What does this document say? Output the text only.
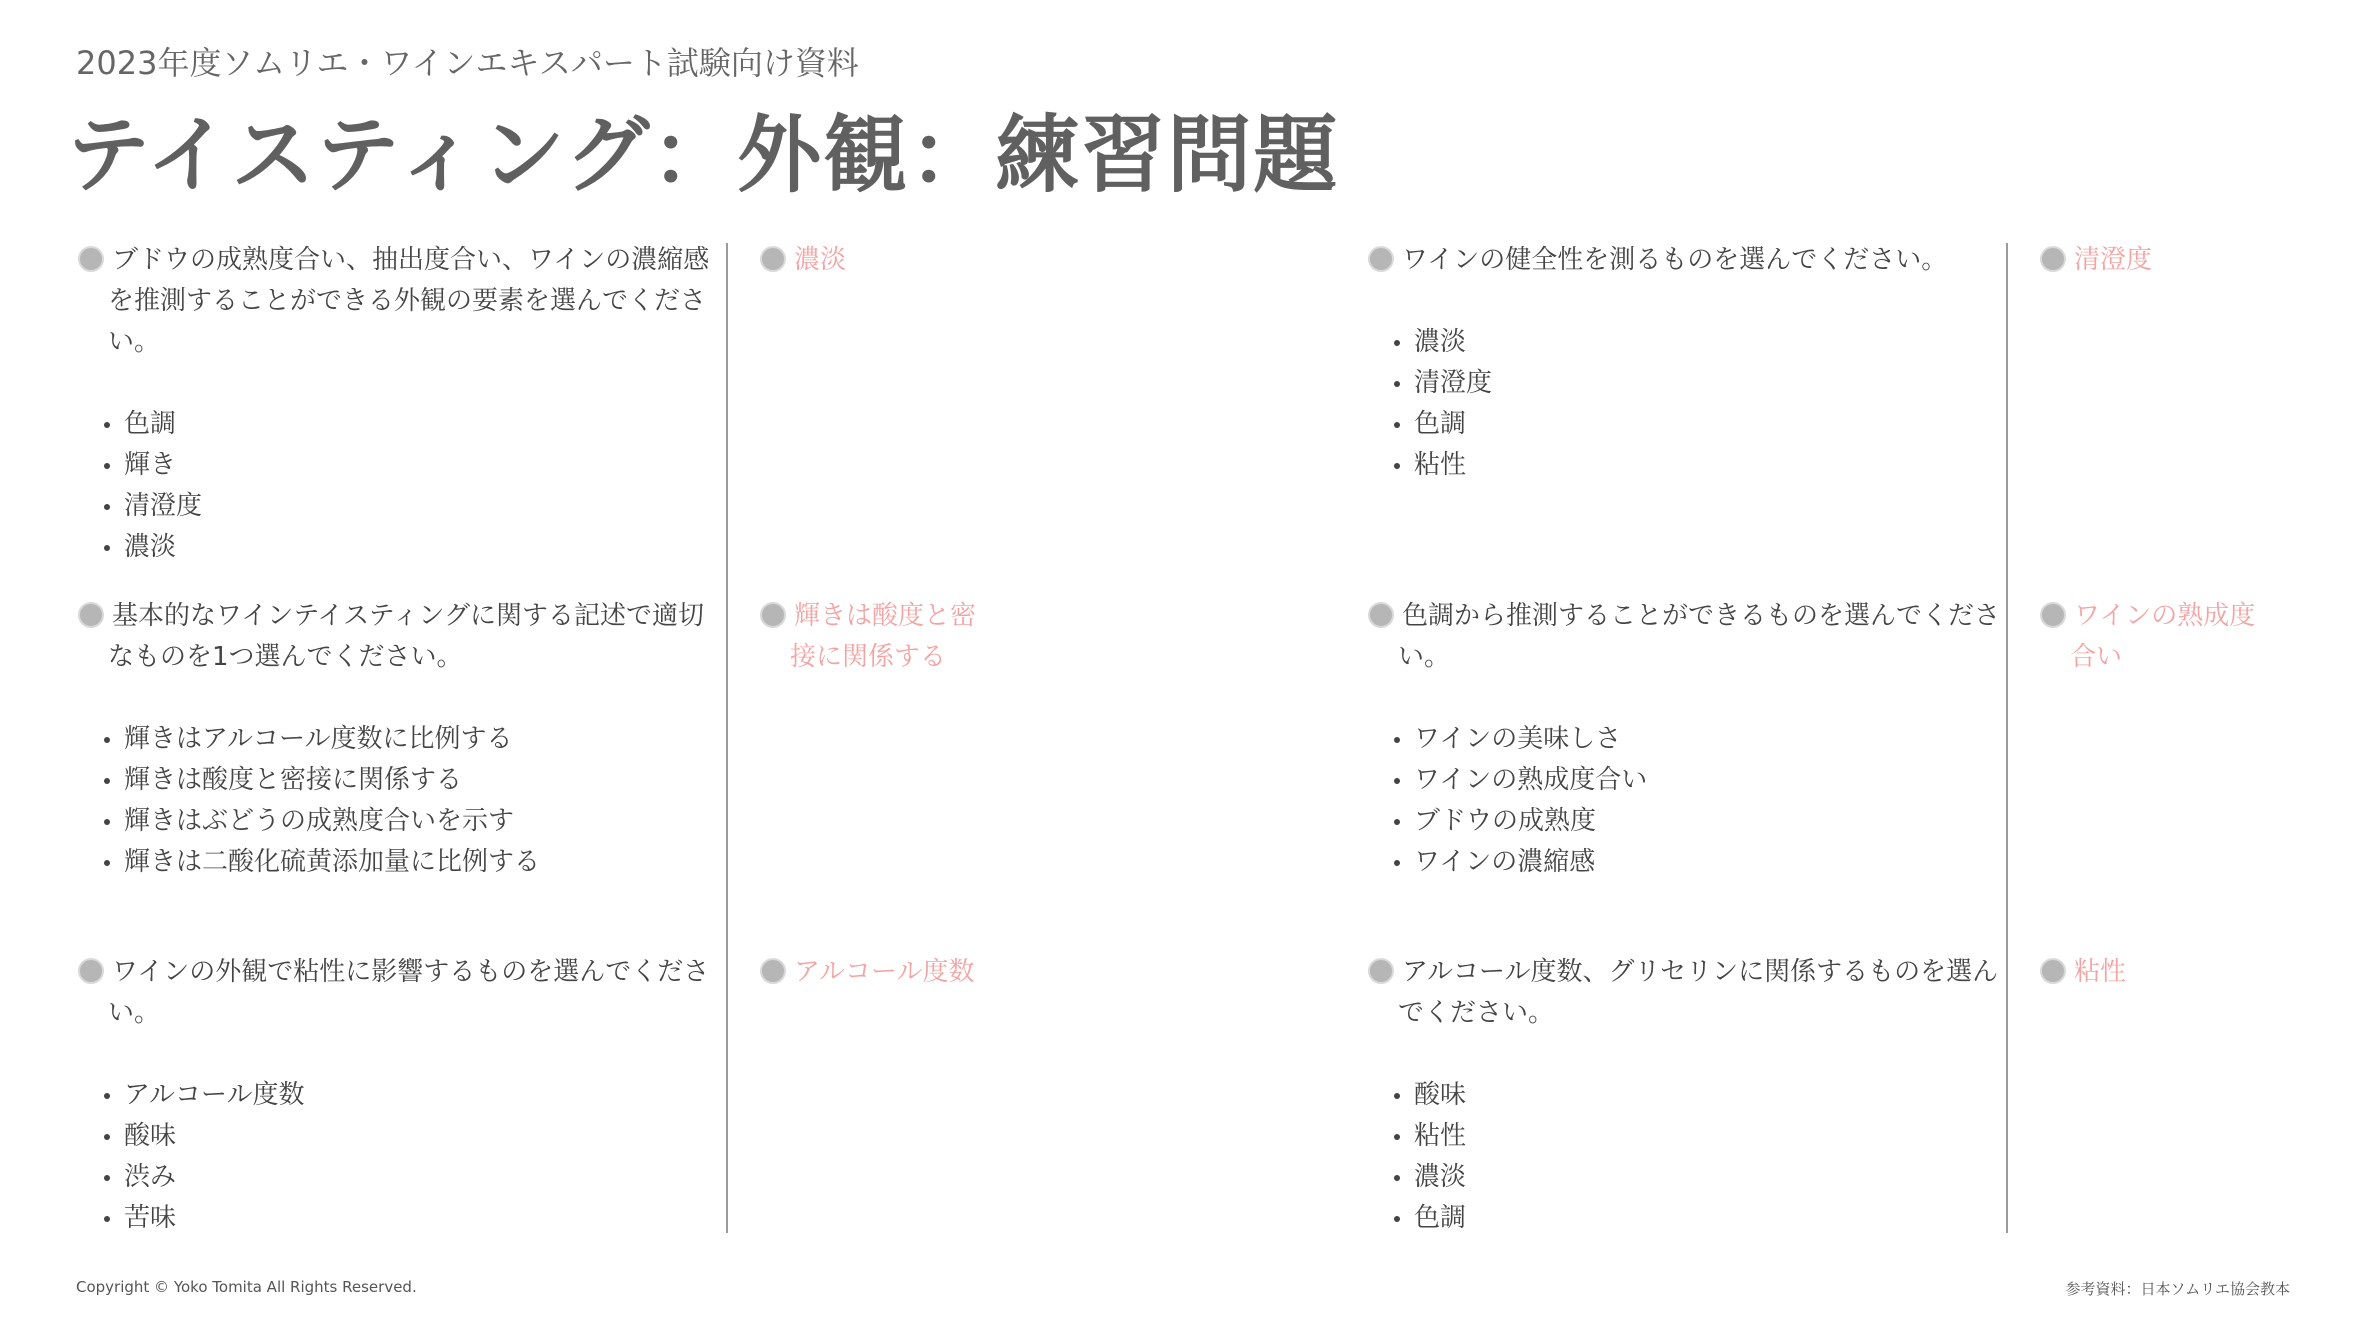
2023年度ソムリエ・ワインエキスパート試験向け資料
テイスティング：外観：練習問題
ブドウの成熟度合い、抽出度合い、ワインの濃縮感を推測することができる外観の要素を選んでください。
色調
輝き
清澄度
濃淡
濃淡
基本的なワインテイスティングに関する記述で適切なものを1つ選んでください。
輝きはアルコール度数に比例する
輝きは酸度と密接に関係する
輝きはぶどうの成熟度合いを示す
輝きは二酸化硫黄添加量に比例する
輝きは酸度と密接に関係する
ワインの外観で粘性に影響するものを選んでください。
アルコール度数
酸味
渋み
苦味
アルコール度数
ワインの健全性を測るものを選んでください。
濃淡
清澄度
色調
粘性
清澄度
色調から推測することができるものを選んでください。
ワインの美味しさ
ワインの熟成度合い
ブドウの成熟度
ワインの濃縮感
ワインの熟成度合い
アルコール度数、グリセリンに関係するものを選んでください。
酸味
粘性
濃淡
色調
粘性
Copyright © Yoko Tomita All Rights Reserved.	参考資料：日本ソムリエ協会教本
